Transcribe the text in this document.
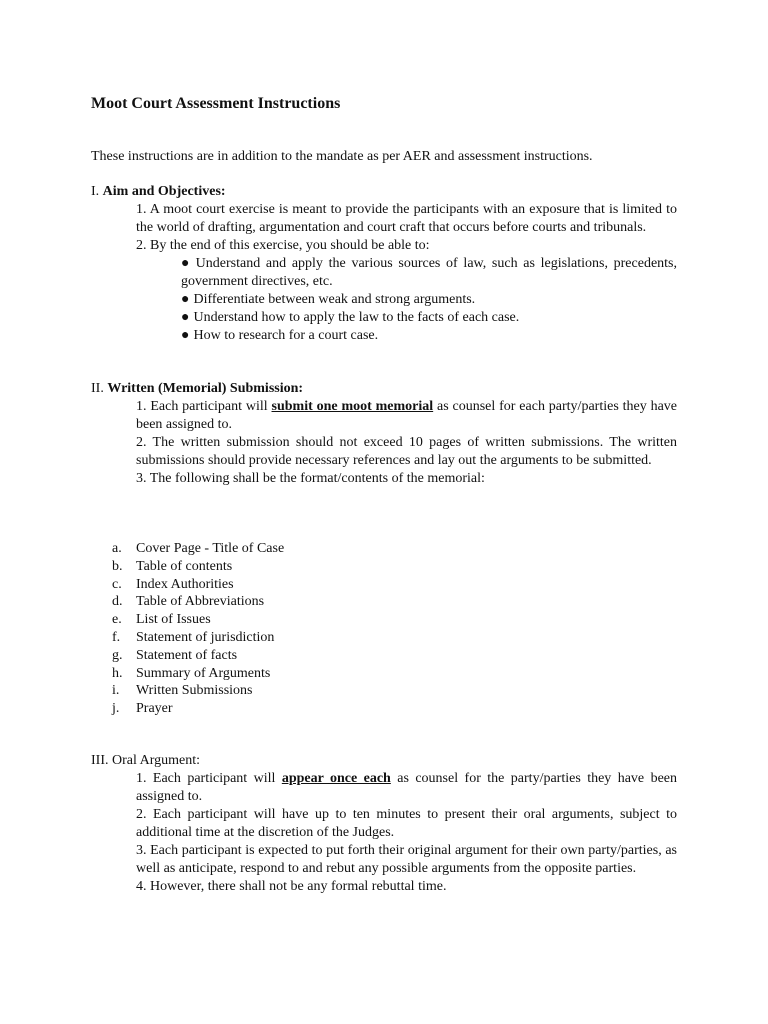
Moot Court Assessment Instructions
These instructions are in addition to the mandate as per AER and assessment instructions.
I. Aim and Objectives:
1. A moot court exercise is meant to provide the participants with an exposure that is limited to the world of drafting, argumentation and court craft that occurs before courts and tribunals.
2. By the end of this exercise, you should be able to:
● Understand and apply the various sources of law, such as legislations, precedents, government directives, etc.
● Differentiate between weak and strong arguments.
● Understand how to apply the law to the facts of each case.
● How to research for a court case.
II. Written (Memorial) Submission:
1. Each participant will submit one moot memorial as counsel for each party/parties they have been assigned to.
2. The written submission should not exceed 10 pages of written submissions. The written submissions should provide necessary references and lay out the arguments to be submitted.
3. The following shall be the format/contents of the memorial:
a. Cover Page - Title of Case
b. Table of contents
c. Index Authorities
d. Table of Abbreviations
e. List of Issues
f. Statement of jurisdiction
g. Statement of facts
h. Summary of Arguments
i. Written Submissions
j. Prayer
III. Oral Argument:
1. Each participant will appear once each as counsel for the party/parties they have been assigned to.
2. Each participant will have up to ten minutes to present their oral arguments, subject to additional time at the discretion of the Judges.
3. Each participant is expected to put forth their original argument for their own party/parties, as well as anticipate, respond to and rebut any possible arguments from the opposite parties.
4. However, there shall not be any formal rebuttal time.
